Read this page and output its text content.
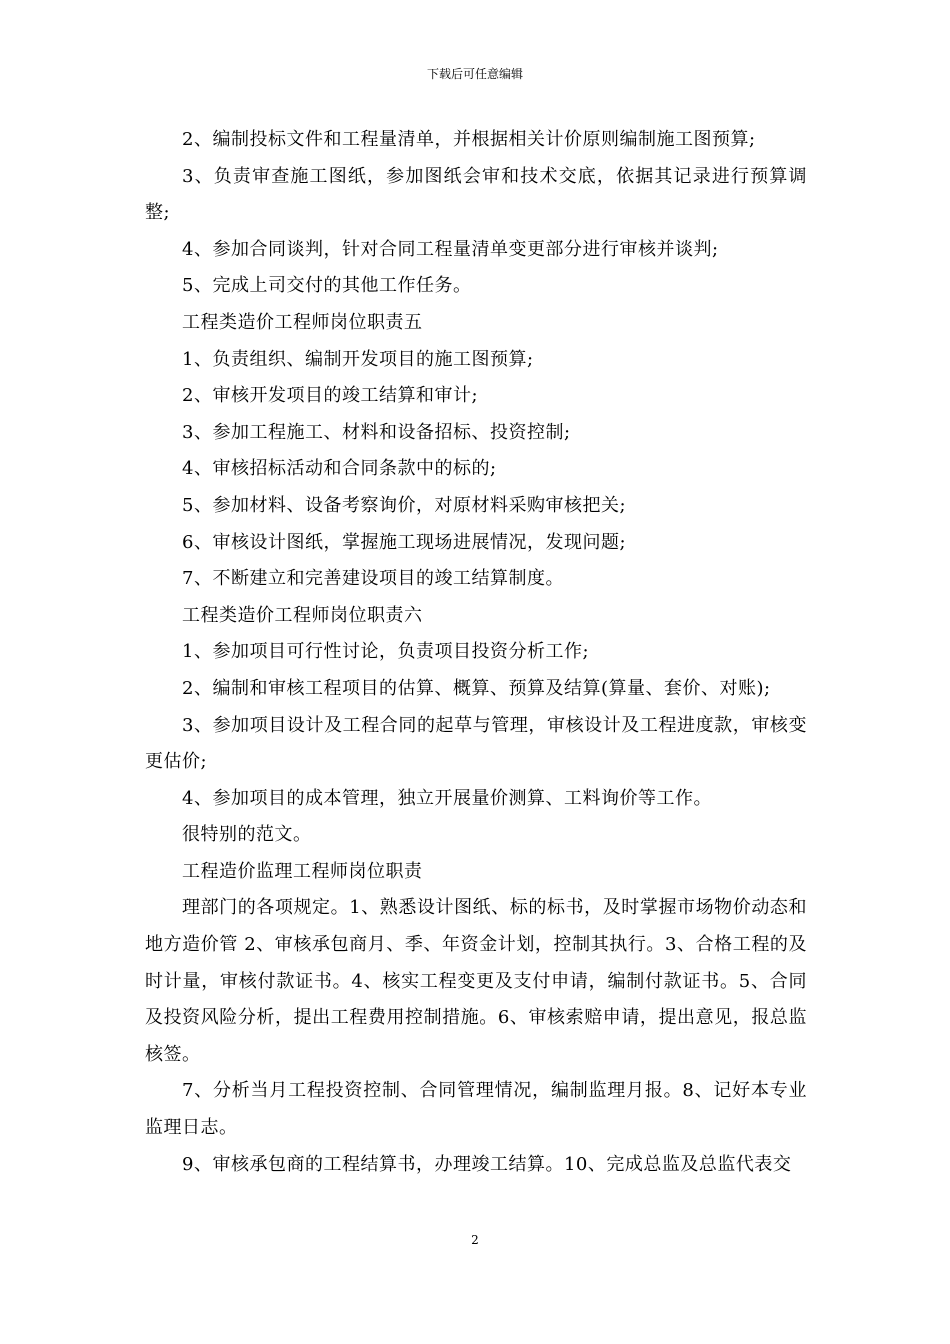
下载后可任意编辑

2、编制投标文件和工程量清单，并根据相关计价原则编制施工图预算;

3、负责审查施工图纸，参加图纸会审和技术交底，依据其记录进行预算调整;

4、参加合同谈判，针对合同工程量清单变更部分进行审核并谈判;

5、完成上司交付的其他工作任务。

工程类造价工程师岗位职责五

1、负责组织、编制开发项目的施工图预算;

2、审核开发项目的竣工结算和审计;

3、参加工程施工、材料和设备招标、投资控制;

4、审核招标活动和合同条款中的标的;

5、参加材料、设备考察询价，对原材料采购审核把关;

6、审核设计图纸，掌握施工现场进展情况，发现问题;

7、不断建立和完善建设项目的竣工结算制度。

工程类造价工程师岗位职责六

1、参加项目可行性讨论，负责项目投资分析工作;

2、编制和审核工程项目的估算、概算、预算及结算(算量、套价、对账);

3、参加项目设计及工程合同的起草与管理，审核设计及工程进度款，审核变更估价;

4、参加项目的成本管理，独立开展量价测算、工料询价等工作。

很特别的范文。

工程造价监理工程师岗位职责

理部门的各项规定。1、熟悉设计图纸、标的标书，及时掌握市场物价动态和地方造价管 2、审核承包商月、季、年资金计划，控制其执行。3、合格工程的及时计量，审核付款证书。4、核实工程变更及支付申请，编制付款证书。5、合同及投资风险分析，提出工程费用控制措施。6、审核索赔申请，提出意见，报总监核签。

7、分析当月工程投资控制、合同管理情况，编制监理月报。8、记好本专业监理日志。

9、审核承包商的工程结算书，办理竣工结算。10、完成总监及总监代表交

2
